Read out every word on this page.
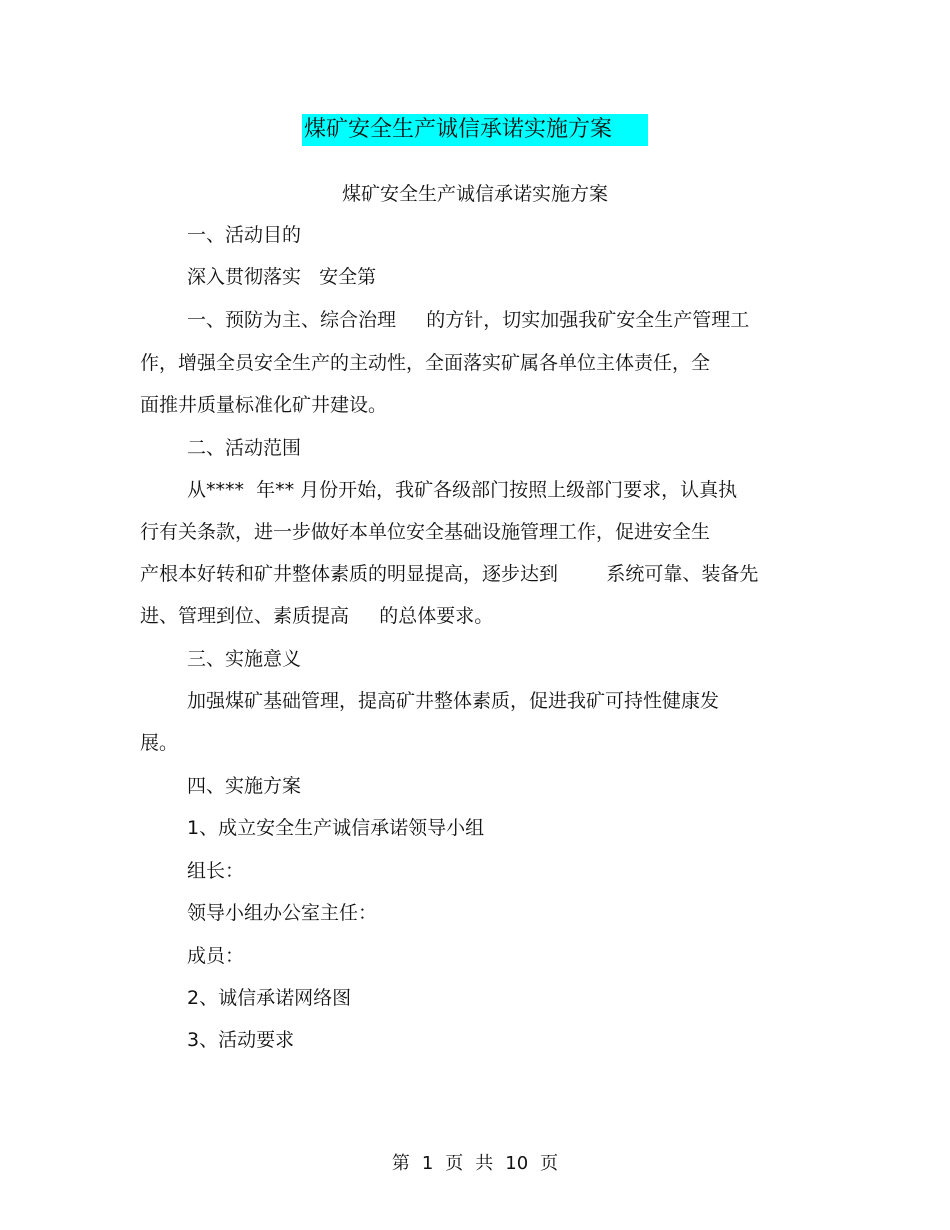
煤矿安全生产诚信承诺实施方案
煤矿安全生产诚信承诺实施方案
一、活动目的
深入贯彻落实   安全第
一、预防为主、综合治理     的方针，切实加强我矿安全生产管理工
作，增强全员安全生产的主动性，全面落实矿属各单位主体责任，全
面推井质量标准化矿井建设。
二、活动范围
从****  年** 月份开始，我矿各级部门按照上级部门要求，认真执
行有关条款，进一步做好本单位安全基础设施管理工作，促进安全生
产根本好转和矿井整体素质的明显提高，逐步达到        系统可靠、装备先
进、管理到位、素质提高     的总体要求。
三、实施意义
加强煤矿基础管理，提高矿井整体素质，促进我矿可持性健康发
展。
四、实施方案
1、成立安全生产诚信承诺领导小组
组长：
领导小组办公室主任：
成员：
2、诚信承诺网络图
3、活动要求
第 1 页 共 10 页
